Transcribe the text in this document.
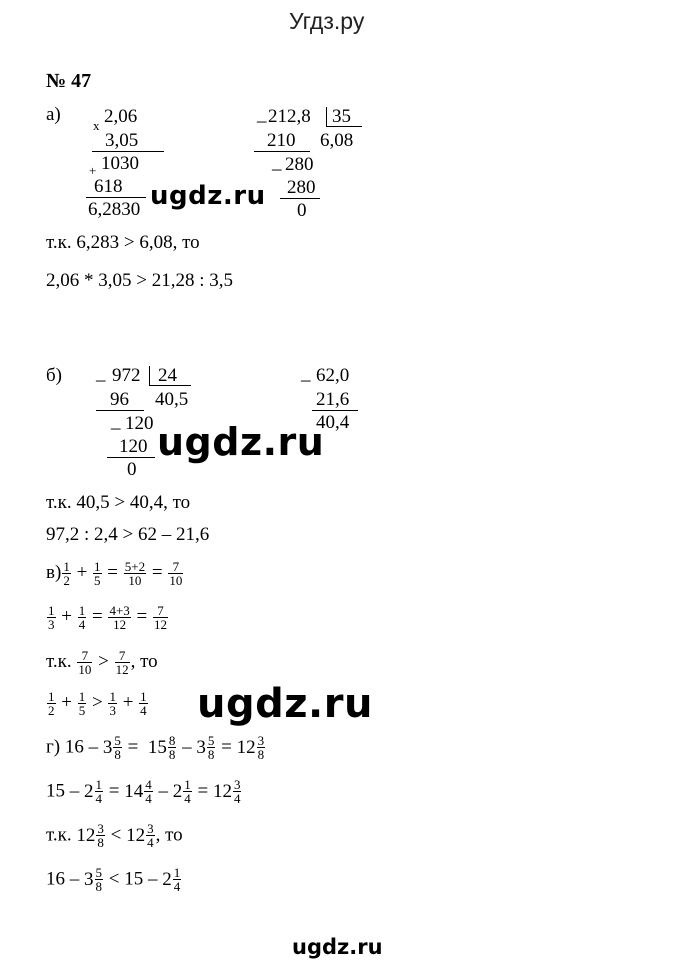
Угдз.ру
№ 47
а)
х 2,06
3,05
+ 1030
618
6,2830
_ 212,8 35
210 6,08
_ 280
280
0
т.к. 6,283 > 6,08, то
2,06 * 3,05 > 21,28 : 3,5
б) _ 972 24
96 40,5
_ 120
120
0
_ 62,0
21,6
40,4
т.к. 40,5 > 40,4, то
97,2 : 2,4 > 62 – 21,6
$в) \frac{1}{2} + \frac{1}{5} = \frac{5+2}{10} = \frac{7}{10}$
$\frac{1}{3} + \frac{1}{4} = \frac{4+3}{12} = \frac{7}{12}$
т.к. $\frac{7}{10} > \frac{7}{12}$ , то
$\frac{1}{2} + \frac{1}{5} > \frac{1}{3} + \frac{1}{4}$
г) $16 - 3 \frac{5}{8} = 15 \frac{8}{8} - 3 \frac{5}{8} = 12 \frac{3}{8}$
$15 - 2 \frac{1}{4} = 14 \frac{4}{4} - 2 \frac{1}{4} = 12 \frac{3}{4}$
т.к. $12 \frac{3}{8} < 12 \frac{3}{4}$ , то
$16 - 3 \frac{5}{8} < 15 - 2 \frac{1}{4}$
ugdz.ru
ugdz.ru
ugdz.ru
ugdz.ru
